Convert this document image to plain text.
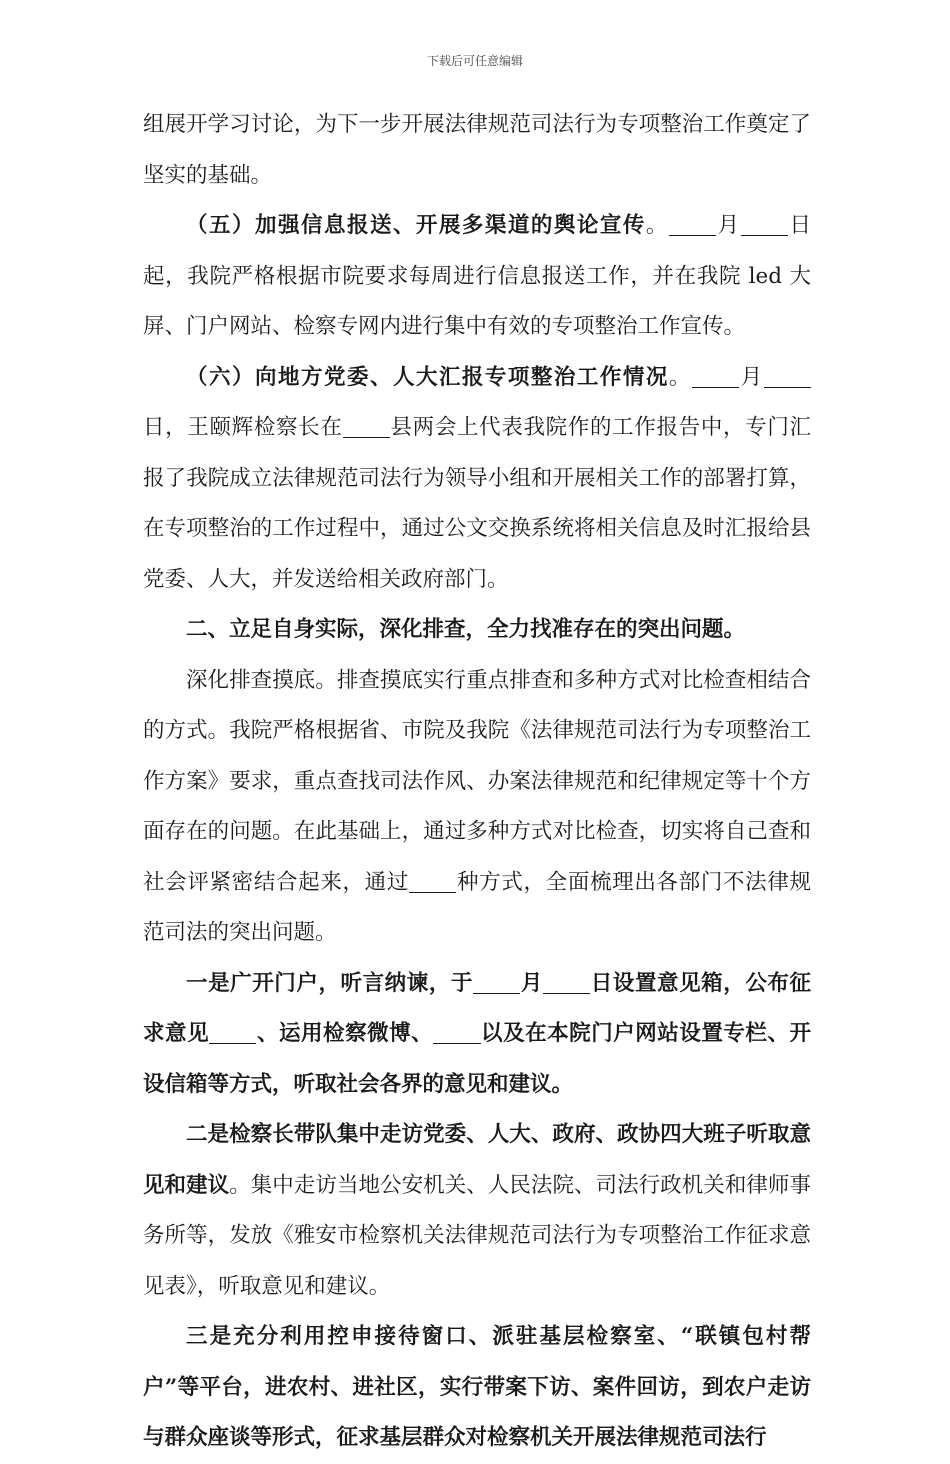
下载后可任意编辑

组展开学习讨论，为下一步开展法律规范司法行为专项整治工作奠定了坚实的基础。

（五）加强信息报送、开展多渠道的舆论宣传。 月 日起，我院严格根据市院要求每周进行信息报送工作，并在我院 led 大屏、门户网站、检察专网内进行集中有效的专项整治工作宣传。

（六）向地方党委、人大汇报专项整治工作情况。 月日，王颐辉检察长在 县两会上代表我院作的工作报告中，专门汇报了我院成立法律规范司法行为领导小组和开展相关工作的部署打算，在专项整治的工作过程中，通过公文交换系统将相关信息及时汇报给县党委、人大，并发送给相关政府部门。

二、立足自身实际，深化排查，全力找准存在的突出问题。

深化排查摸底。排查摸底实行重点排查和多种方式对比检查相结合的方式。我院严格根据省、市院及我院《法律规范司法行为专项整治工作方案》要求，重点查找司法作风、办案法律规范和纪律规定等十个方面存在的问题。在此基础上，通过多种方式对比检查，切实将自己查和社会评紧密结合起来，通过 种方式，全面梳理出各部门不法律规范司法的突出问题。

一是广开门户，听言纳谏，于 月 日设置意见箱，公布征求意见 、运用检察微博、 以及在本院门户网站设置专栏、开设信箱等方式，听取社会各界的意见和建议。

二是检察长带队集中走访党委、人大、政府、政协四大班子听取意见和建议。集中走访当地公安机关、人民法院、司法行政机关和律师事务所等，发放《雅安市检察机关法律规范司法行为专项整治工作征求意见表》，听取意见和建议。

三是充分利用控申接待窗口、派驻基层检察室、“联镇包村帮户”等平台，进农村、进社区，实行带案下访、案件回访，到农户走访与群众座谈等形式，征求基层群众对检察机关开展法律规范司法行
